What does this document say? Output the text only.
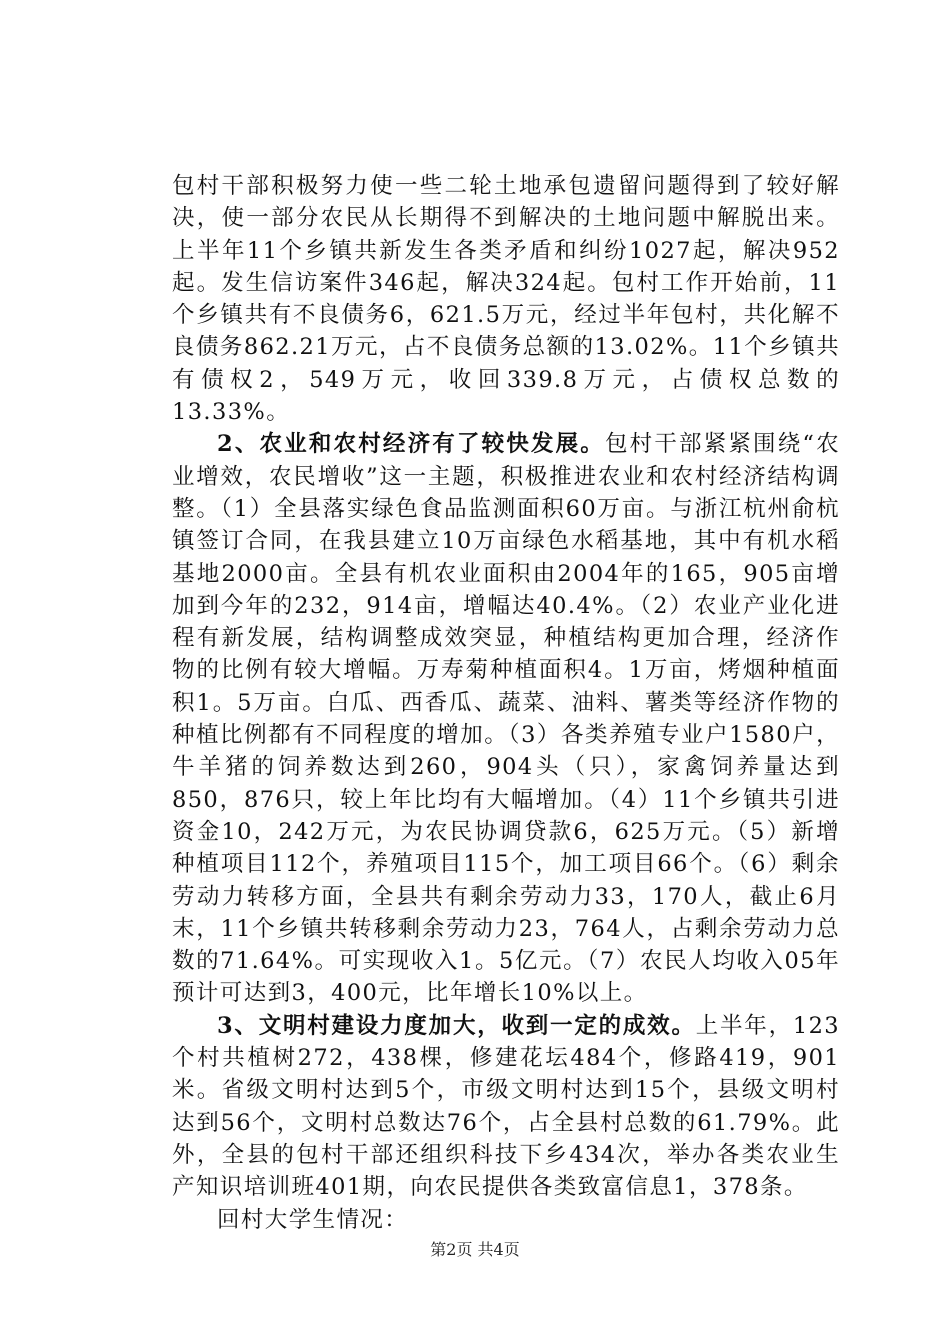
包村干部积极努力使一些二轮土地承包遗留问题得到了较好解决，使一部分农民从长期得不到解决的土地问题中解脱出来。上半年11个乡镇共新发生各类矛盾和纠纷1027起，解决952起。发生信访案件346起，解决324起。包村工作开始前，11个乡镇共有不良债务6，621.5万元，经过半年包村，共化解不良债务862.21万元，占不良债务总额的13.02%。11个乡镇共有债权2，549万元，收回339.8万元，占债权总数的13.33%。

2、农业和农村经济有了较快发展。包村干部紧紧围绕“农业增效，农民增收”这一主题，积极推进农业和农村经济结构调整。（1）全县落实绿色食品监测面积60万亩。与浙江杭州俞杭镇签订合同，在我县建立10万亩绿色水稻基地，其中有机水稻基地2000亩。全县有机农业面积由2004年的165，905亩增加到今年的232，914亩，增幅达40.4%。（2）农业产业化进程有新发展，结构调整成效突显，种植结构更加合理，经济作物的比例有较大增幅。万寿菊种植面积4。1万亩，烤烟种植面积1。5万亩。白瓜、西香瓜、蔬菜、油料、薯类等经济作物的种植比例都有不同程度的增加。（3）各类养殖专业户1580户，牛羊猪的饲养数达到260，904头（只），家禽饲养量达到850，876只，较上年比均有大幅增加。（4）11个乡镇共引进资金10，242万元，为农民协调贷款6，625万元。（5）新增种植项目112个，养殖项目115个，加工项目66个。（6）剩余劳动力转移方面，全县共有剩余劳动力33，170人，截止6月末，11个乡镇共转移剩余劳动力23，764人，占剩余劳动力总数的71.64%。可实现收入1。5亿元。（7）农民人均收入05年预计可达到3，400元，比年增长10%以上。

3、文明村建设力度加大，收到一定的成效。上半年，123个村共植树272，438棵，修建花坛484个，修路419，901米。省级文明村达到5个，市级文明村达到15个，县级文明村达到56个，文明村总数达76个，占全县村总数的61.79%。此外，全县的包村干部还组织科技下乡434次，举办各类农业生产知识培训班401期，向农民提供各类致富信息1，378条。

回村大学生情况：

第2页 共4页
